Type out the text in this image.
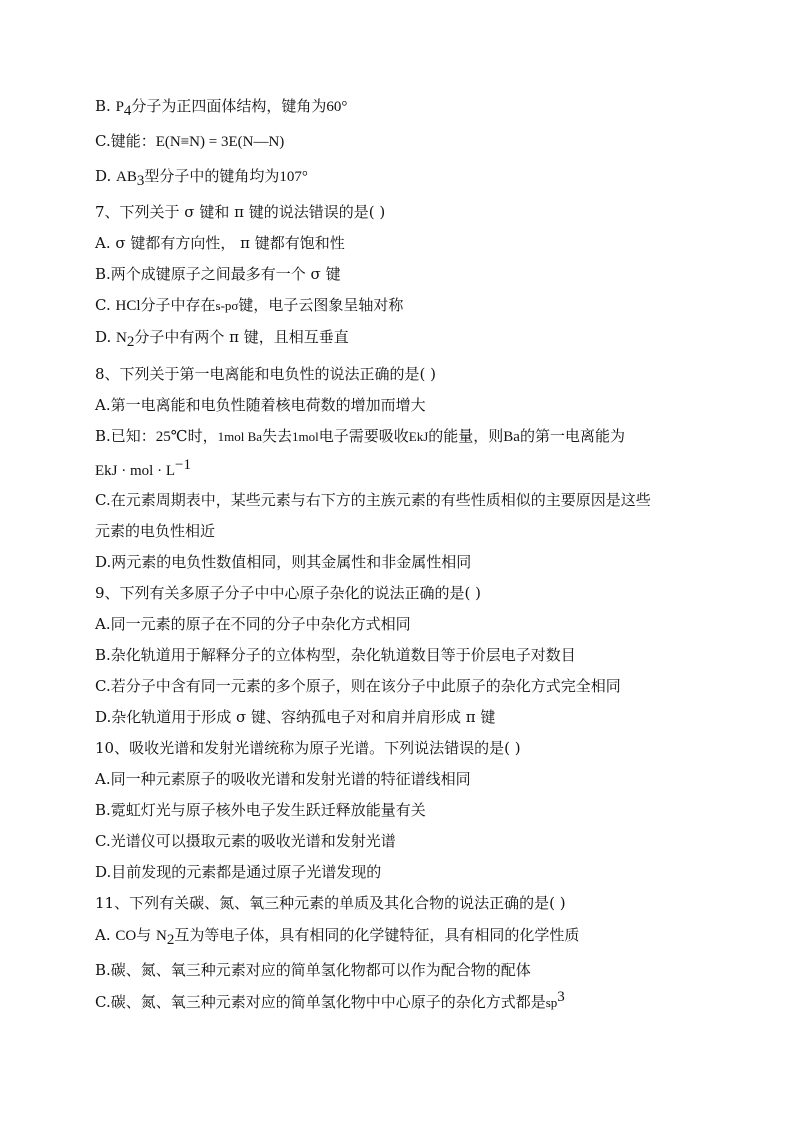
B. $P_4$分子为正四面体结构，键角为60°
C.键能：E(N≡N) = 3E(N—N)
D. $AB_3$型分子中的键角均为107°
7、下列关于 σ 键和 π 键的说法错误的是( )
A. σ 键都有方向性， π 键都有饱和性
B.两个成键原子之间最多有一个 σ 键
C. HCl分子中存在s-pσ键，电子云图象呈轴对称
D. $N_2$分子中有两个 π 键，且相互垂直
8、下列关于第一电离能和电负性的说法正确的是( )
A.第一电离能和电负性随着核电荷数的增加而增大
B.已知：25℃时，1mol Ba失去1mol电子需要吸收EkJ的能量，则Ba的第一电离能为
EkJ · mol · $L^{-1}$
C.在元素周期表中，某些元素与右下方的主族元素的有些性质相似的主要原因是这些
元素的电负性相近
D.两元素的电负性数值相同，则其金属性和非金属性相同
9、下列有关多原子分子中中心原子杂化的说法正确的是( )
A.同一元素的原子在不同的分子中杂化方式相同
B.杂化轨道用于解释分子的立体构型，杂化轨道数目等于价层电子对数目
C.若分子中含有同一元素的多个原子，则在该分子中此原子的杂化方式完全相同
D.杂化轨道用于形成 σ 键、容纳孤电子对和肩并肩形成 π 键
10、吸收光谱和发射光谱统称为原子光谱。下列说法错误的是( )
A.同一种元素原子的吸收光谱和发射光谱的特征谱线相同
B.霓虹灯光与原子核外电子发生跃迁释放能量有关
C.光谱仪可以摄取元素的吸收光谱和发射光谱
D.目前发现的元素都是通过原子光谱发现的
11、下列有关碳、氮、氧三种元素的单质及其化合物的说法正确的是( )
A. CO与 $N_2$互为等电子体，具有相同的化学键特征，具有相同的化学性质
B.碳、氮、氧三种元素对应的简单氢化物都可以作为配合物的配体
C.碳、氮、氧三种元素对应的简单氢化物中中心原子的杂化方式都是$sp^3$
